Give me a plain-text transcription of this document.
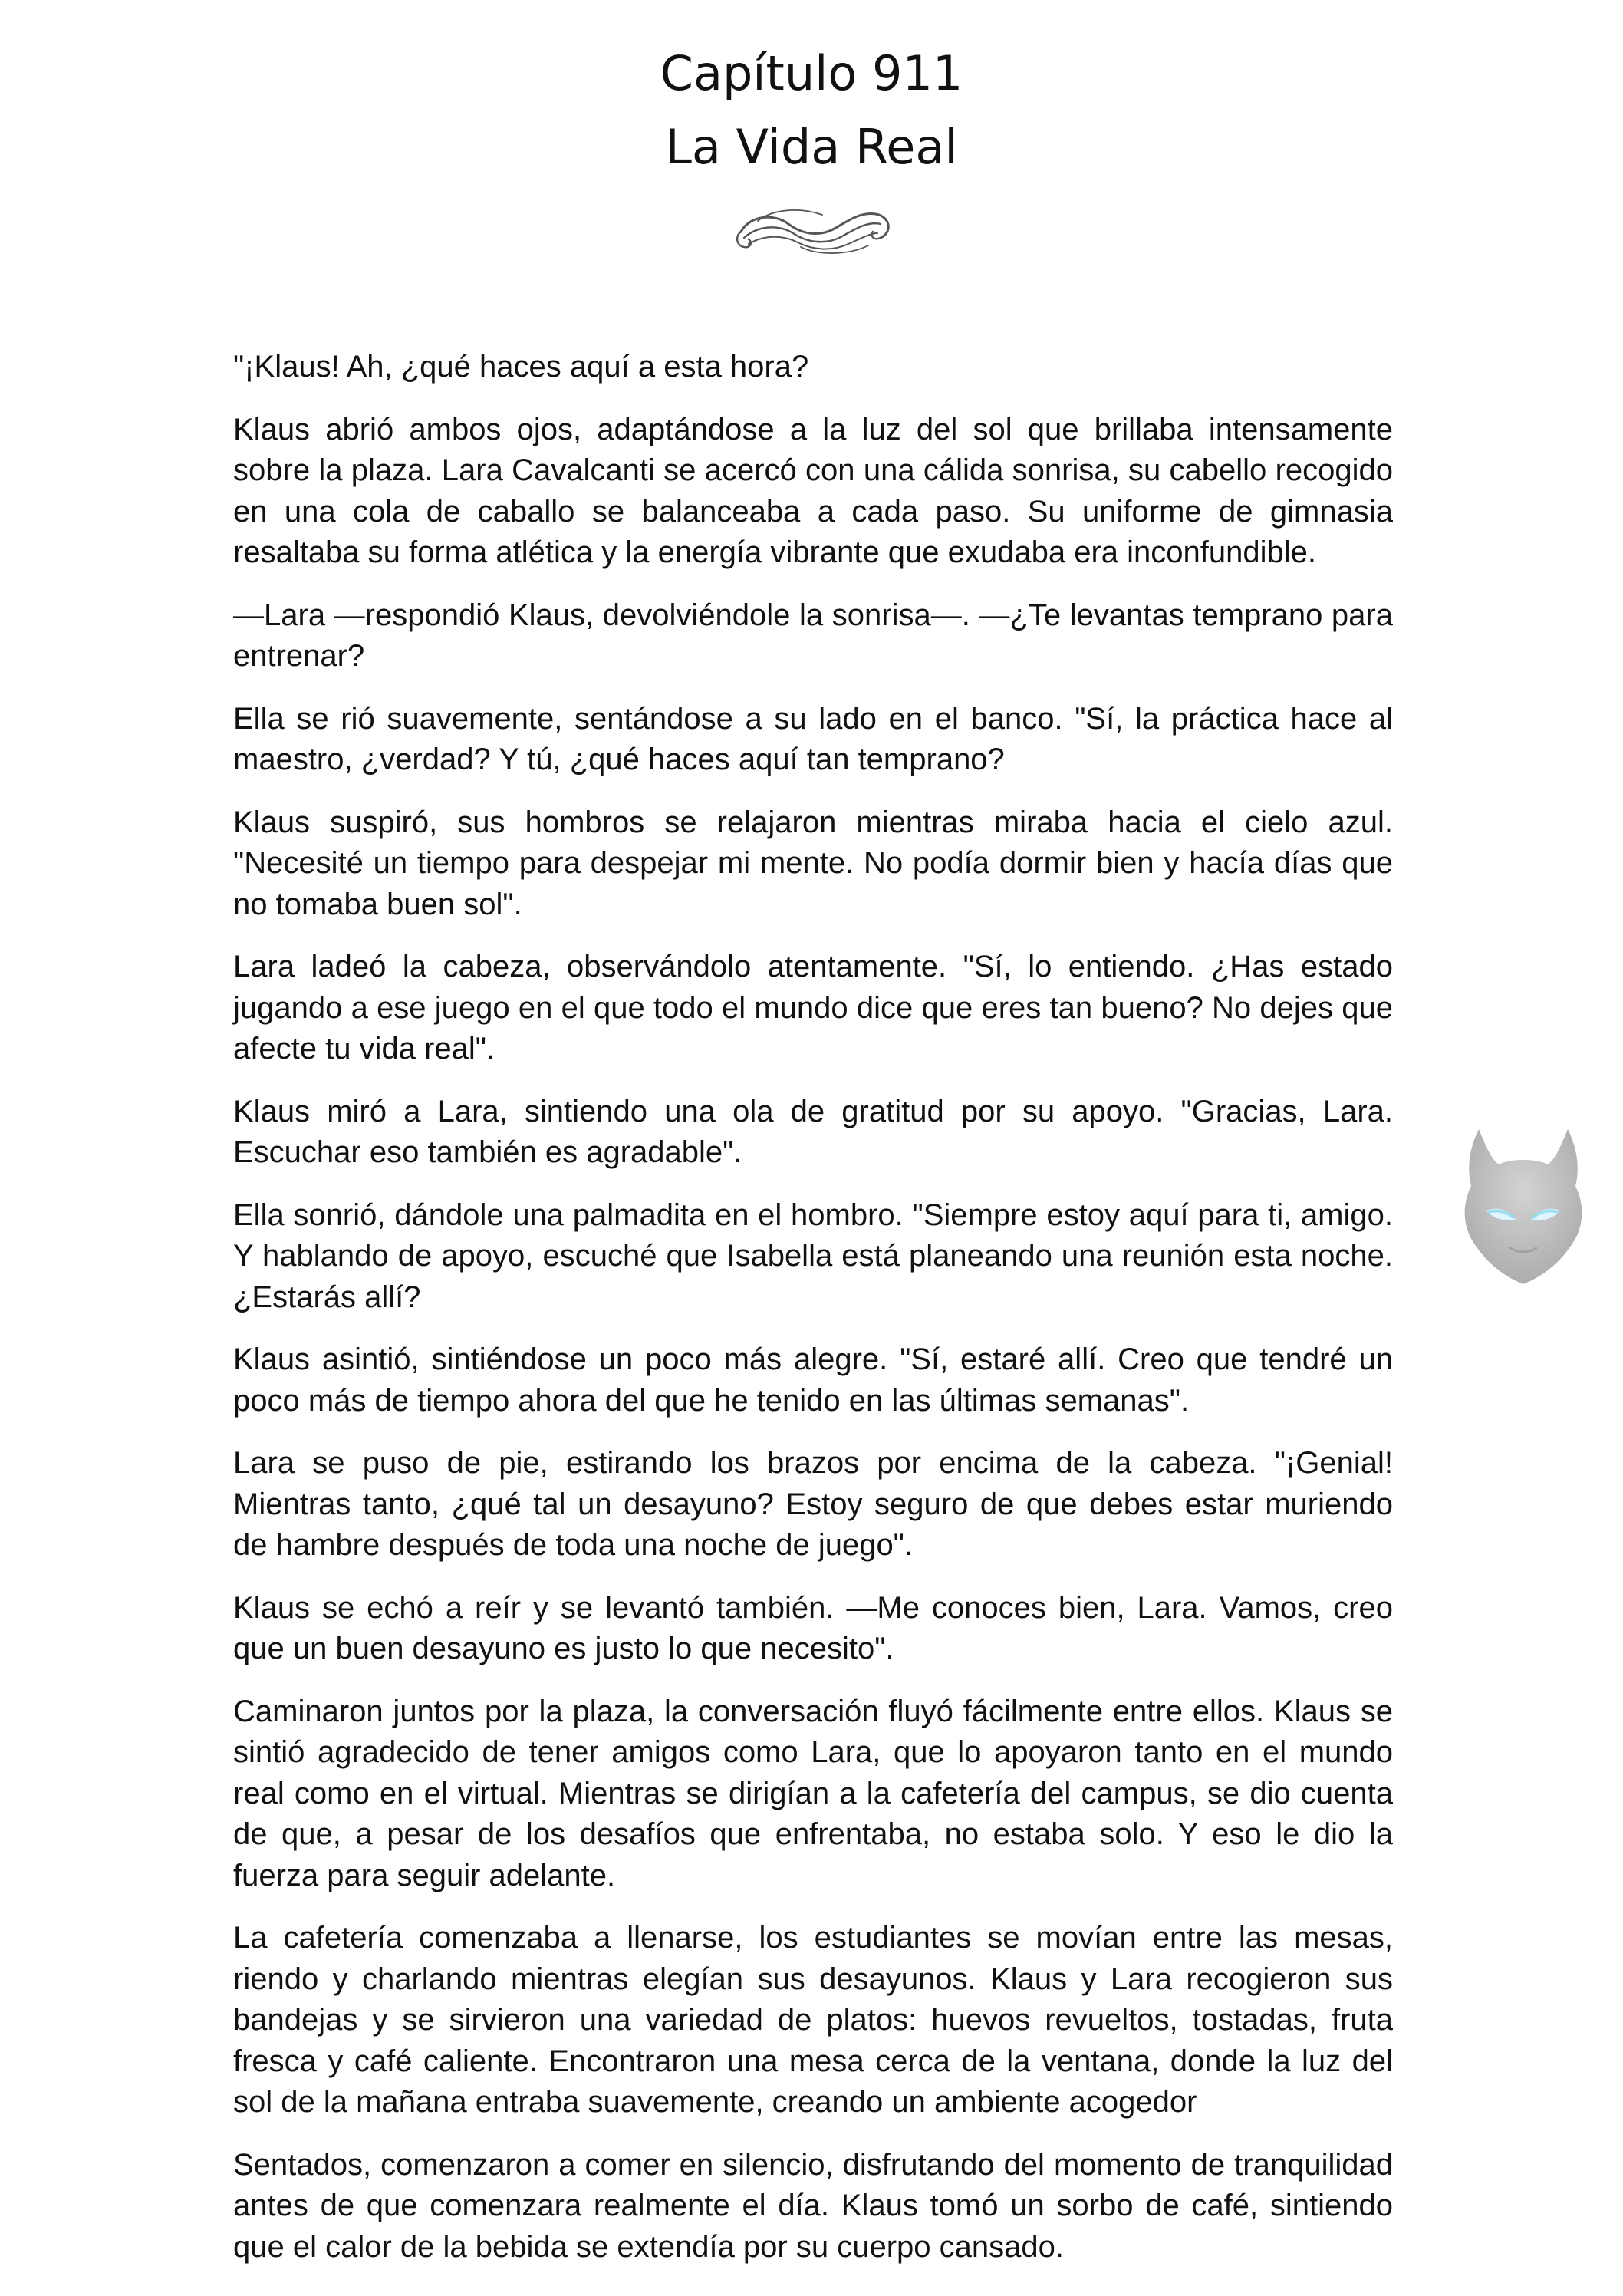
Capítulo 911
La Vida Real

"¡Klaus! Ah, ¿qué haces aquí a esta hora?

Klaus abrió ambos ojos, adaptándose a la luz del sol que brillaba intensamente sobre la plaza. Lara Cavalcanti se acercó con una cálida sonrisa, su cabello recogido en una cola de caballo se balanceaba a cada paso. Su uniforme de gimnasia resaltaba su forma atlética y la energía vibrante que exudaba era inconfundible.

—Lara —respondió Klaus, devolviéndole la sonrisa—. —¿Te levantas temprano para entrenar?

Ella se rió suavemente, sentándose a su lado en el banco. "Sí, la práctica hace al maestro, ¿verdad? Y tú, ¿qué haces aquí tan temprano?

Klaus suspiró, sus hombros se relajaron mientras miraba hacia el cielo azul. "Necesité un tiempo para despejar mi mente. No podía dormir bien y hacía días que no tomaba buen sol".

Lara ladeó la cabeza, observándolo atentamente. "Sí, lo entiendo. ¿Has estado jugando a ese juego en el que todo el mundo dice que eres tan bueno? No dejes que afecte tu vida real".

Klaus miró a Lara, sintiendo una ola de gratitud por su apoyo. "Gracias, Lara. Escuchar eso también es agradable".

Ella sonrió, dándole una palmadita en el hombro. "Siempre estoy aquí para ti, amigo. Y hablando de apoyo, escuché que Isabella está planeando una reunión esta noche. ¿Estarás allí?

Klaus asintió, sintiéndose un poco más alegre. "Sí, estaré allí. Creo que tendré un poco más de tiempo ahora del que he tenido en las últimas semanas".

Lara se puso de pie, estirando los brazos por encima de la cabeza. "¡Genial! Mientras tanto, ¿qué tal un desayuno? Estoy seguro de que debes estar muriendo de hambre después de toda una noche de juego".

Klaus se echó a reír y se levantó también. —Me conoces bien, Lara. Vamos, creo que un buen desayuno es justo lo que necesito".

Caminaron juntos por la plaza, la conversación fluyó fácilmente entre ellos. Klaus se sintió agradecido de tener amigos como Lara, que lo apoyaron tanto en el mundo real como en el virtual. Mientras se dirigían a la cafetería del campus, se dio cuenta de que, a pesar de los desafíos que enfrentaba, no estaba solo. Y eso le dio la fuerza para seguir adelante.

La cafetería comenzaba a llenarse, los estudiantes se movían entre las mesas, riendo y charlando mientras elegían sus desayunos. Klaus y Lara recogieron sus bandejas y se sirvieron una variedad de platos: huevos revueltos, tostadas, fruta fresca y café caliente. Encontraron una mesa cerca de la ventana, donde la luz del sol de la mañana entraba suavemente, creando un ambiente acogedor

Sentados, comenzaron a comer en silencio, disfrutando del momento de tranquilidad antes de que comenzara realmente el día. Klaus tomó un sorbo de café, sintiendo que el calor de la bebida se extendía por su cuerpo cansado.
